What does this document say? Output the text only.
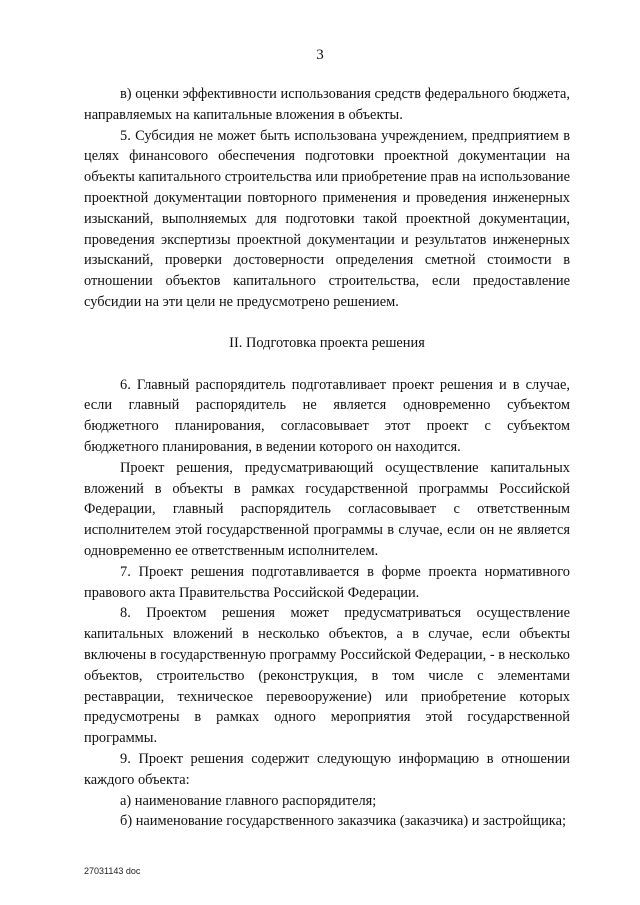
3

в) оценки эффективности использования средств федерального бюджета, направляемых на капитальные вложения в объекты.

5. Субсидия не может быть использована учреждением, предприятием в целях финансового обеспечения подготовки проектной документации на объекты капитального строительства или приобретение прав на использование проектной документации повторного применения и проведения инженерных изысканий, выполняемых для подготовки такой проектной документации, проведения экспертизы проектной документации и результатов инженерных изысканий, проверки достоверности определения сметной стоимости в отношении объектов капитального строительства, если предоставление субсидии на эти цели не предусмотрено решением.

II. Подготовка проекта решения

6. Главный распорядитель подготавливает проект решения и в случае, если главный распорядитель не является одновременно субъектом бюджетного планирования, согласовывает этот проект с субъектом бюджетного планирования, в ведении которого он находится.

Проект решения, предусматривающий осуществление капитальных вложений в объекты в рамках государственной программы Российской Федерации, главный распорядитель согласовывает с ответственным исполнителем этой государственной программы в случае, если он не является одновременно ее ответственным исполнителем.

7. Проект решения подготавливается в форме проекта нормативного правового акта Правительства Российской Федерации.

8. Проектом решения может предусматриваться осуществление капитальных вложений в несколько объектов, а в случае, если объекты включены в государственную программу Российской Федерации, - в несколько объектов, строительство (реконструкция, в том числе с элементами реставрации, техническое перевооружение) или приобретение которых предусмотрены в рамках одного мероприятия этой государственной программы.

9. Проект решения содержит следующую информацию в отношении каждого объекта:

а) наименование главного распорядителя;

б) наименование государственного заказчика (заказчика) и застройщика;

27031143 doc
